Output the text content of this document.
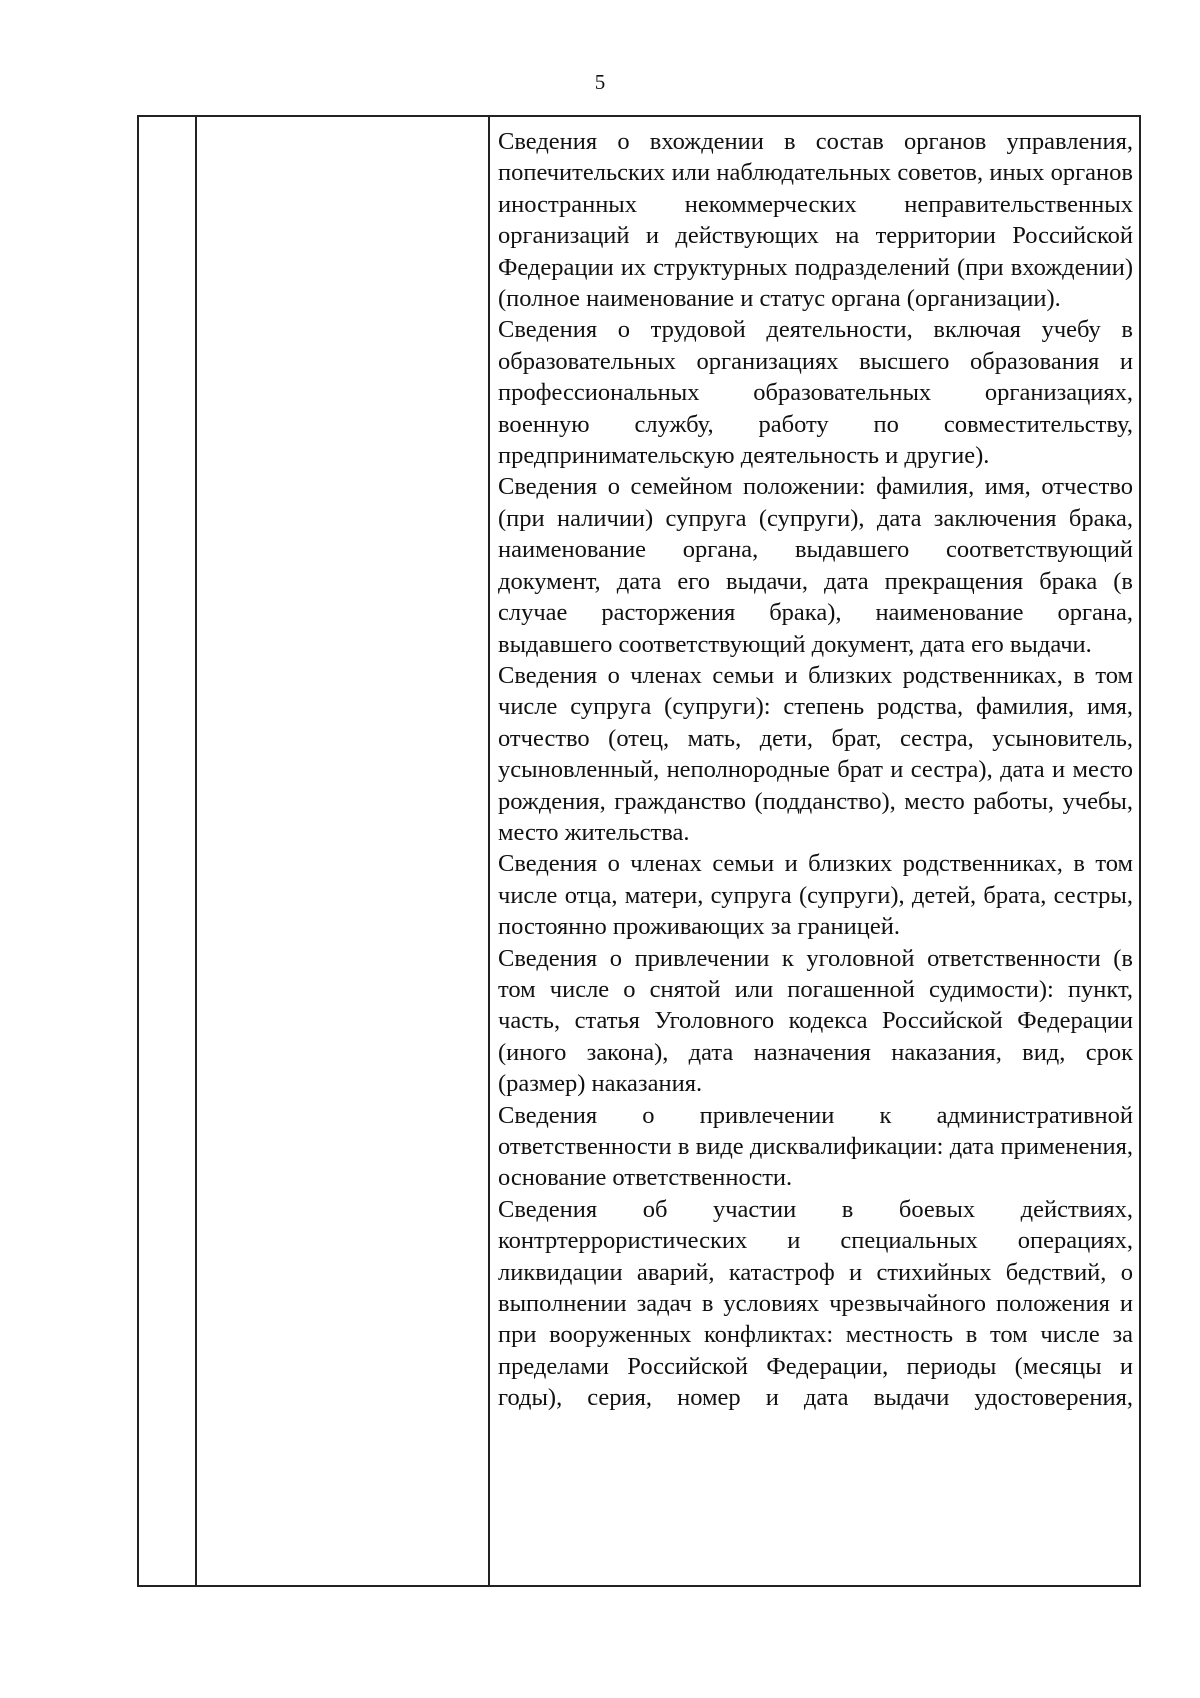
5

Сведения о вхождении в состав органов управления, попечительских или наблюдательных советов, иных органов иностранных некоммерческих неправительственных организаций и действующих на территории Российской Федерации их структурных подразделений (при вхождении) (полное наименование и статус органа (организации).

Сведения о трудовой деятельности, включая учебу в образовательных организациях высшего образования и профессиональных образовательных организациях, военную службу, работу по совместительству, предпринимательскую деятельность и другие).

Сведения о семейном положении: фамилия, имя, отчество (при наличии) супруга (супруги), дата заключения брака, наименование органа, выдавшего соответствующий документ, дата его выдачи, дата прекращения брака (в случае расторжения брака), наименование органа, выдавшего соответствующий документ, дата его выдачи.

Сведения о членах семьи и близких родственниках, в том числе супруга (супруги): степень родства, фамилия, имя, отчество (отец, мать, дети, брат, сестра, усыновитель, усыновленный, неполнородные брат и сестра), дата и место рождения, гражданство (подданство), место работы, учебы, место жительства.

Сведения о членах семьи и близких родственниках, в том числе отца, матери, супруга (супруги), детей, брата, сестры, постоянно проживающих за границей.

Сведения о привлечении к уголовной ответственности (в том числе о снятой или погашенной судимости): пункт, часть, статья Уголовного кодекса Российской Федерации (иного закона), дата назначения наказания, вид, срок (размер) наказания.

Сведения о привлечении к административной ответственности в виде дисквалификации: дата применения, основание ответственности.

Сведения об участии в боевых действиях, контртеррористических и специальных операциях, ликвидации аварий, катастроф и стихийных бедствий, о выполнении задач в условиях чрезвычайного положения и при вооруженных конфликтах: местность в том числе за пределами Российской Федерации, периоды (месяцы и годы), серия, номер и дата выдачи удостоверения,
